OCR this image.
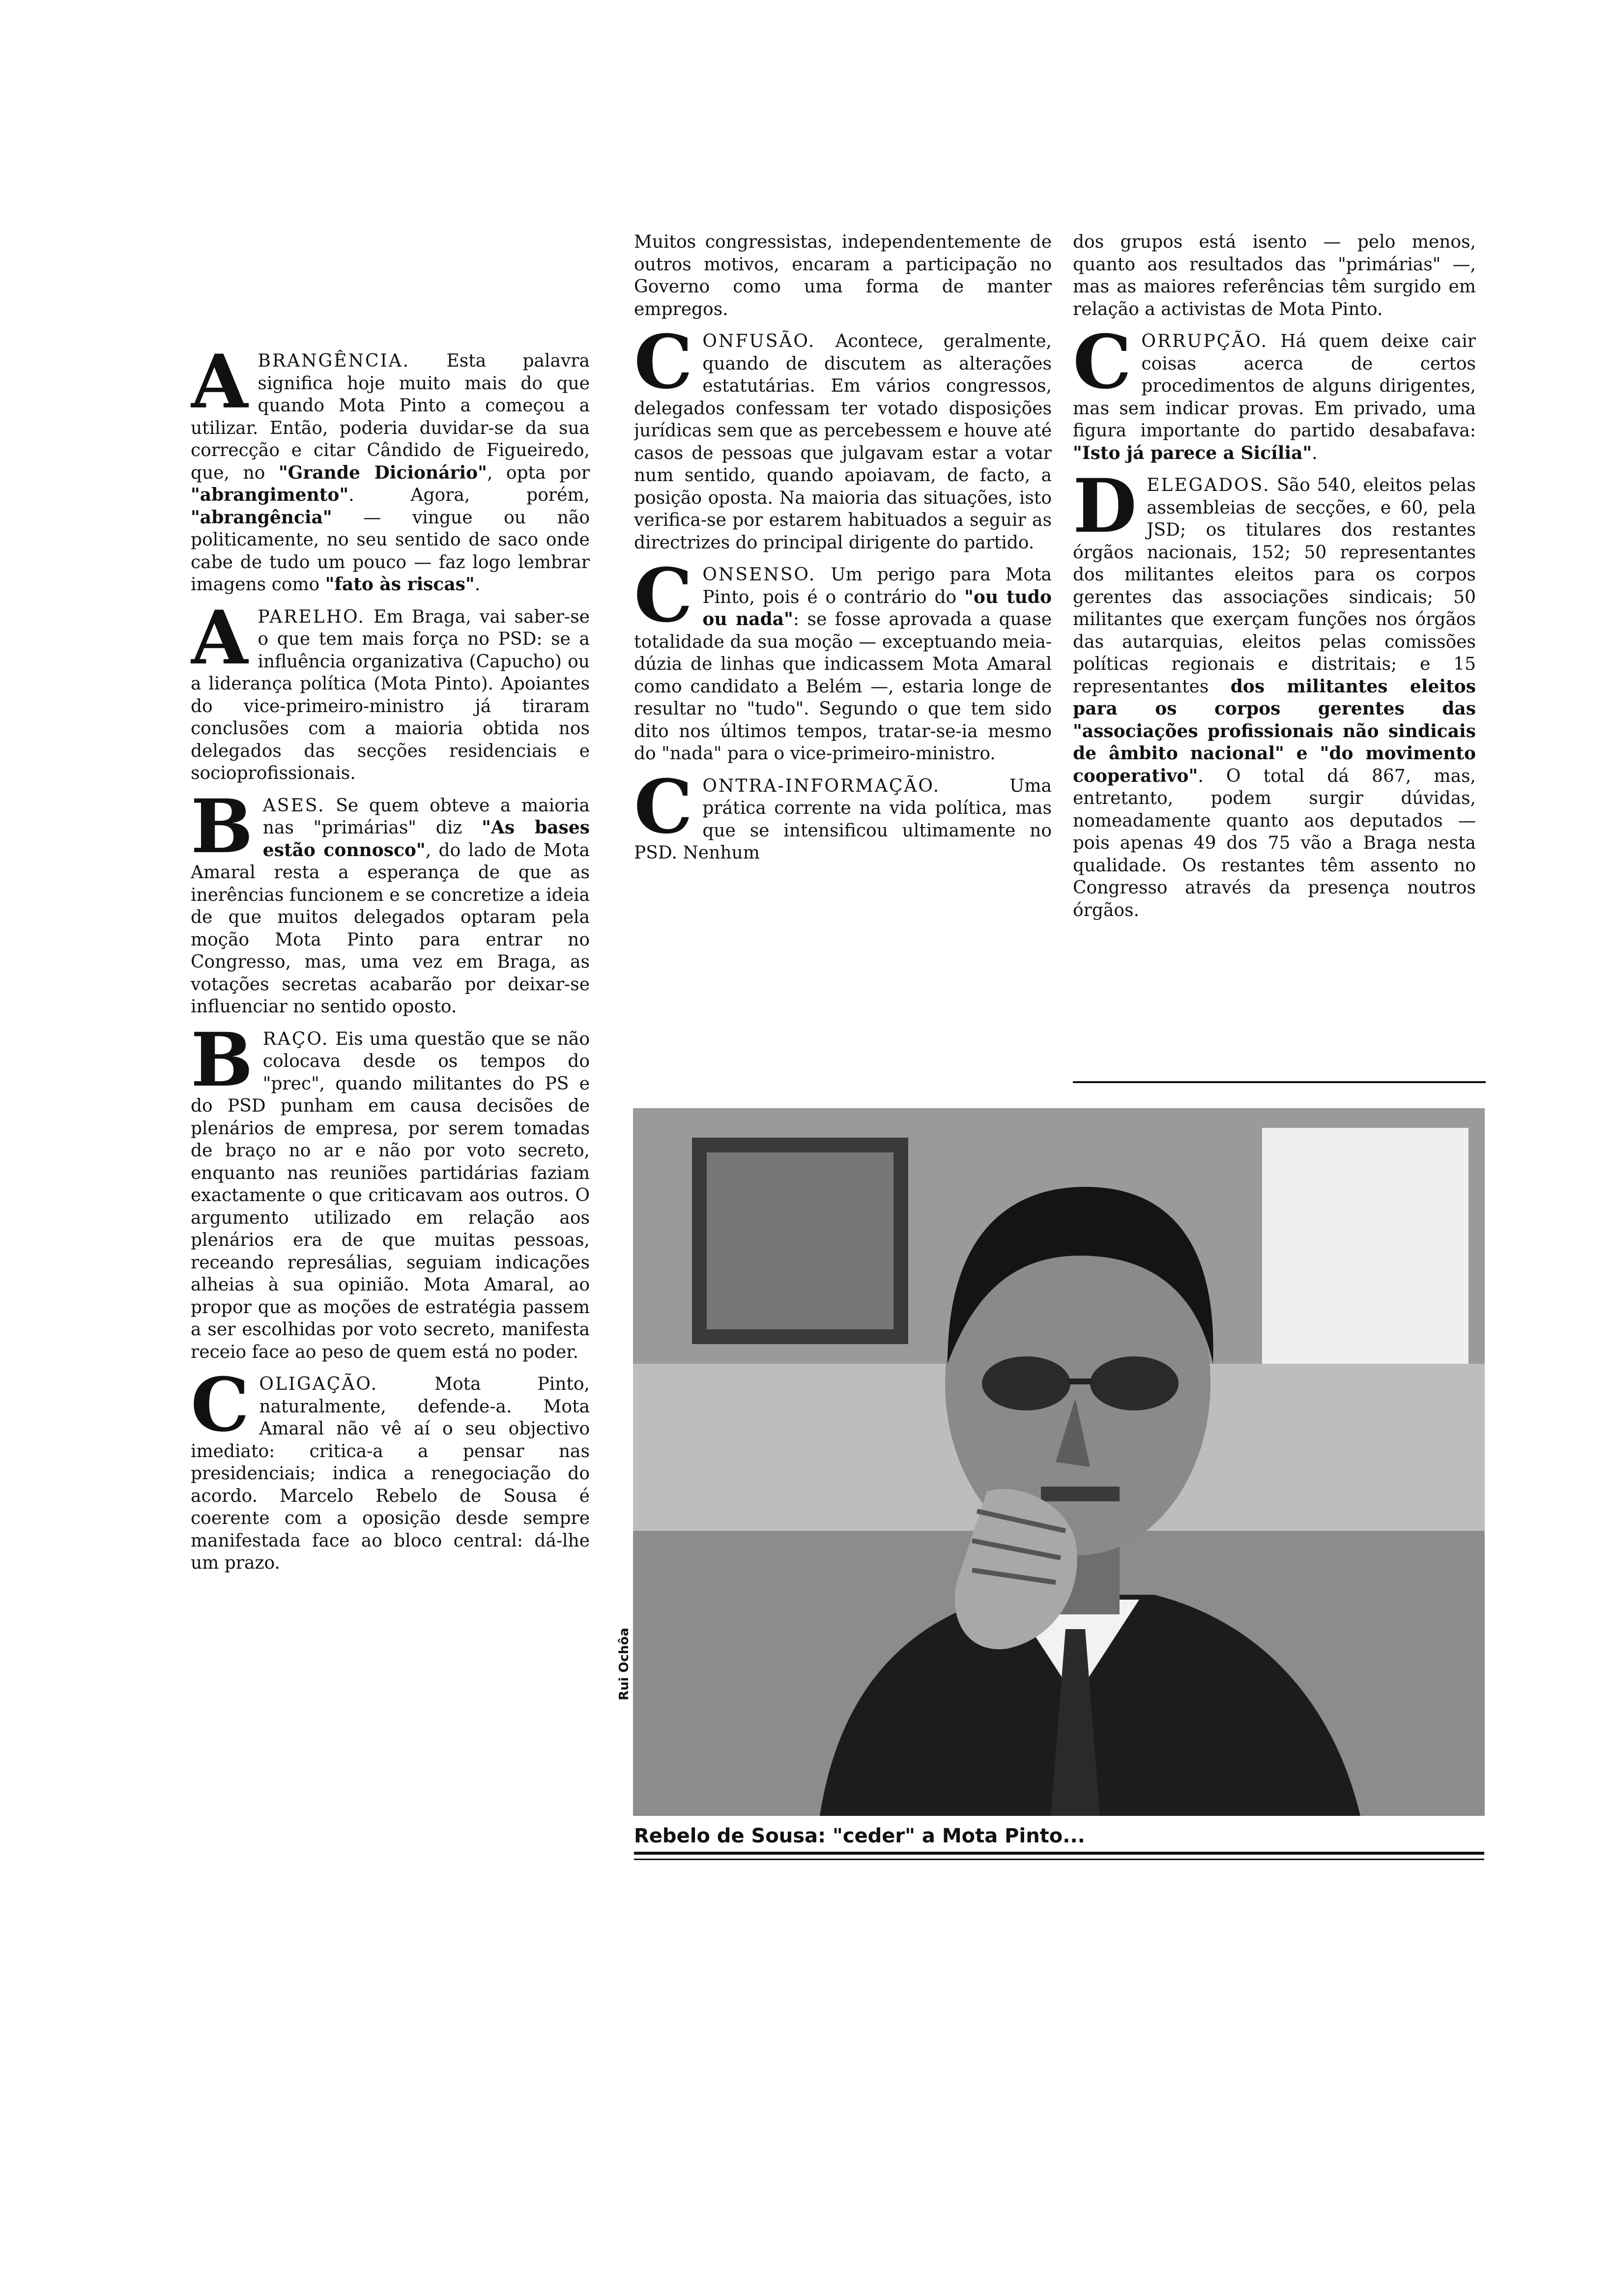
ABRANGÊNCIA. Esta palavra significa hoje muito mais do que quando Mota Pinto a começou a utilizar. Então, poderia duvidar-se da sua correcção e citar Cândido de Figueiredo, que, no "Grande Dicionário", opta por "abrangimento". Agora, porém, "abrangência" — vingue ou não politicamente, no seu sentido de saco onde cabe de tudo um pouco — faz logo lembrar imagens como "fato às riscas".

APARELHO. Em Braga, vai saber-se o que tem mais força no PSD: se a influência organizativa (Capucho) ou a liderança política (Mota Pinto). Apoiantes do vice-primeiro-ministro já tiraram conclusões com a maioria obtida nos delegados das secções residenciais e socioprofissionais.

BASES. Se quem obteve a maioria nas "primárias" diz "As bases estão connosco", do lado de Mota Amaral resta a esperança de que as inerências funcionem e se concretize a ideia de que muitos delegados optaram pela moção Mota Pinto para entrar no Congresso, mas, uma vez em Braga, as votações secretas acabarão por deixar-se influenciar no sentido oposto.

BRAÇO. Eis uma questão que se não colocava desde os tempos do "prec", quando militantes do PS e do PSD punham em causa decisões de plenários de empresa, por serem tomadas de braço no ar e não por voto secreto, enquanto nas reuniões partidárias faziam exactamente o que criticavam aos outros. O argumento utilizado em relação aos plenários era de que muitas pessoas, receando represálias, seguiam indicações alheias à sua opinião. Mota Amaral, ao propor que as moções de estratégia passem a ser escolhidas por voto secreto, manifesta receio face ao peso de quem está no poder.

COLIGAÇÃO. Mota Pinto, naturalmente, defende-a. Mota Amaral não vê aí o seu objectivo imediato: critica-a a pensar nas presidenciais; indica a renegociação do acordo. Marcelo Rebelo de Sousa é coerente com a oposição desde sempre manifestada face ao bloco central: dá-lhe um prazo.

Muitos congressistas, independentemente de outros motivos, encaram a participação no Governo como uma forma de manter empregos.

CONFUSÃO. Acontece, geralmente, quando de discutem as alterações estatutárias. Em vários congressos, delegados confessam ter votado disposições jurídicas sem que as percebessem e houve até casos de pessoas que julgavam estar a votar num sentido, quando apoiavam, de facto, a posição oposta. Na maioria das situações, isto verifica-se por estarem habituados a seguir as directrizes do principal dirigente do partido.

CONSENSO. Um perigo para Mota Pinto, pois é o contrário do "ou tudo ou nada": se fosse aprovada a quase totalidade da sua moção — exceptuando meia-dúzia de linhas que indicassem Mota Amaral como candidato a Belém —, estaria longe de resultar no "tudo". Segundo o que tem sido dito nos últimos tempos, tratar-se-ia mesmo do "nada" para o vice-primeiro-ministro.

CONTRA-INFORMAÇÃO. Uma prática corrente na vida política, mas que se intensificou ultimamente no PSD. Nenhum

dos grupos está isento — pelo menos, quanto aos resultados das "primárias" —, mas as maiores referências têm surgido em relação a activistas de Mota Pinto.

CORRUPÇÃO. Há quem deixe cair coisas acerca de certos procedimentos de alguns dirigentes, mas sem indicar provas. Em privado, uma figura importante do partido desabafava: "Isto já parece a Sicília".

DELEGADOS. São 540, eleitos pelas assembleias de secções, e 60, pela JSD; os titulares dos restantes órgãos nacionais, 152; 50 representantes dos militantes eleitos para os corpos gerentes das associações sindicais; 50 militantes que exerçam funções nos órgãos das autarquias, eleitos pelas comissões políticas regionais e distritais; e 15 representantes dos militantes eleitos para os corpos gerentes das "associações profissionais não sindicais de âmbito nacional" e "do movimento cooperativo". O total dá 867, mas, entretanto, podem surgir dúvidas, nomeadamente quanto aos deputados — pois apenas 49 dos 75 vão a Braga nesta qualidade. Os restantes têm assento no Congresso através da presença noutros órgãos.

Rui Ochôa
Rebelo de Sousa: "ceder" a Mota Pinto...
